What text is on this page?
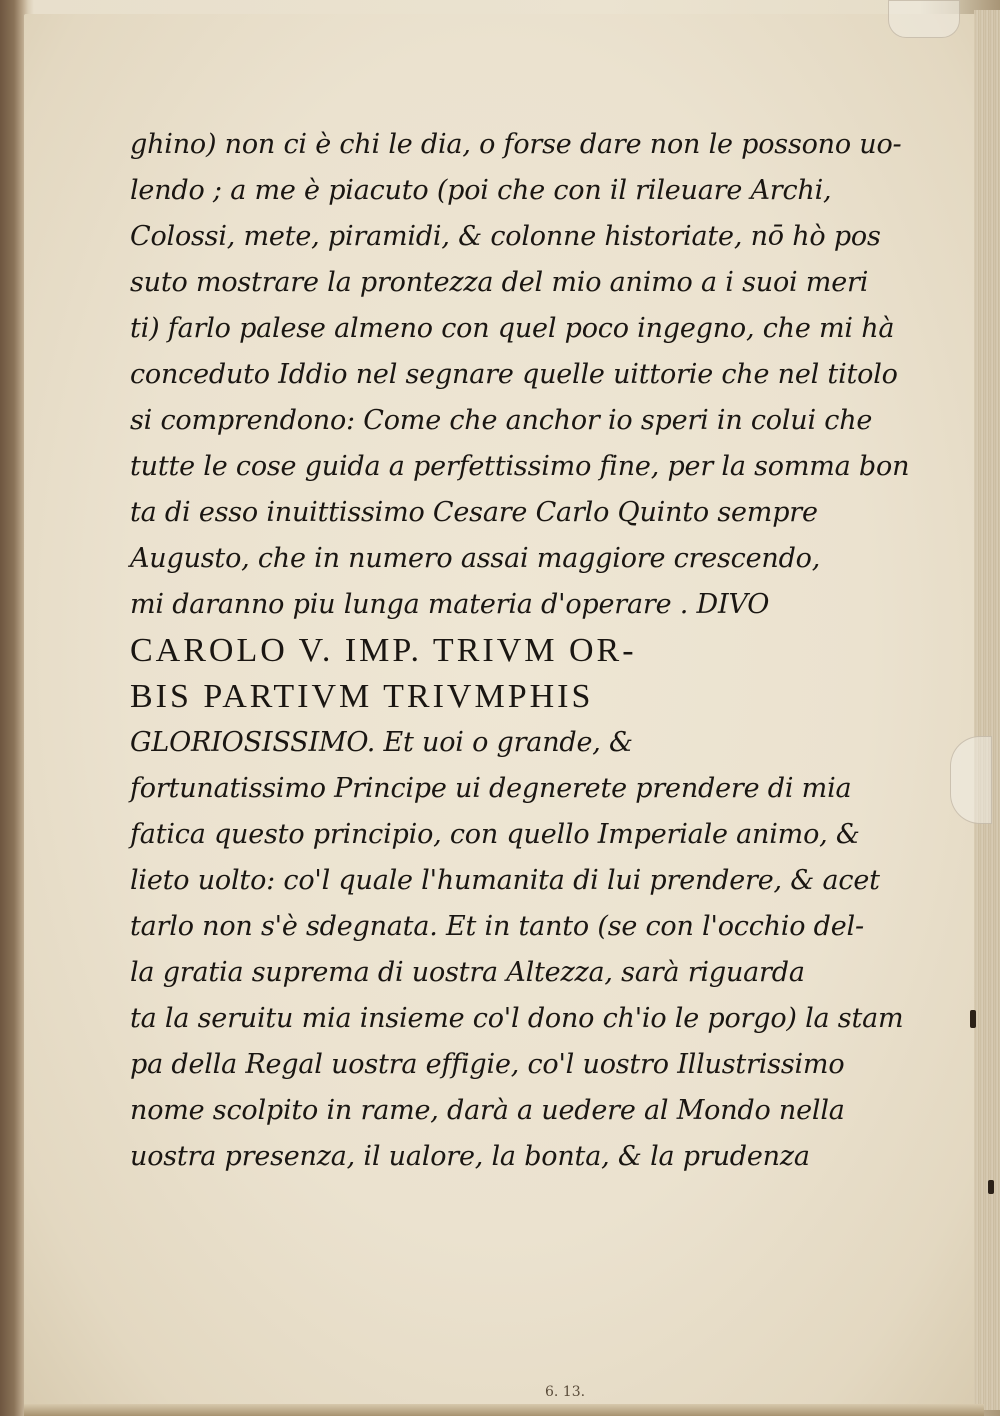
ghino) non ci è chi le dia, o forse dare non le possono uo-
lendo ; a me è piacuto (poi che con il rileuare Archi,
Colossi, mete, piramidi, & colonne historiate, nō hò pos
suto mostrare la prontezza del mio animo a i suoi meri
ti) farlo palese almeno con quel poco ingegno, che mi hà
conceduto Iddio nel segnare quelle uittorie che nel titolo
si comprendono: Come che anchor io speri in colui che
tutte le cose guida a perfettissimo fine, per la somma bon
ta di esso inuittissimo Cesare Carlo Quinto sempre
Augusto, che in numero assai maggiore crescendo,
mi daranno piu lunga materia d'operare . DIVO
CAROLO V. IMP. TRIVM OR-
BIS PARTIVM TRIVMPHIS
GLORIOSISSIMO. Et uoi o grande, &
fortunatissimo Principe ui degnerete prendere di mia
fatica questo principio, con quello Imperiale animo, &
lieto uolto: co'l quale l'humanita di lui prendere, & acet
tarlo non s'è sdegnata. Et in tanto (se con l'occhio del-
la gratia suprema di uostra Altezza, sarà riguarda
ta la seruitu mia insieme co'l dono ch'io le porgo) la stam
pa della Regal uostra effigie, co'l uostro Illustrissimo
nome scolpito in rame, darà a uedere al Mondo nella
uostra presenza, il ualore, la bonta, & la prudenza
6. 13.
